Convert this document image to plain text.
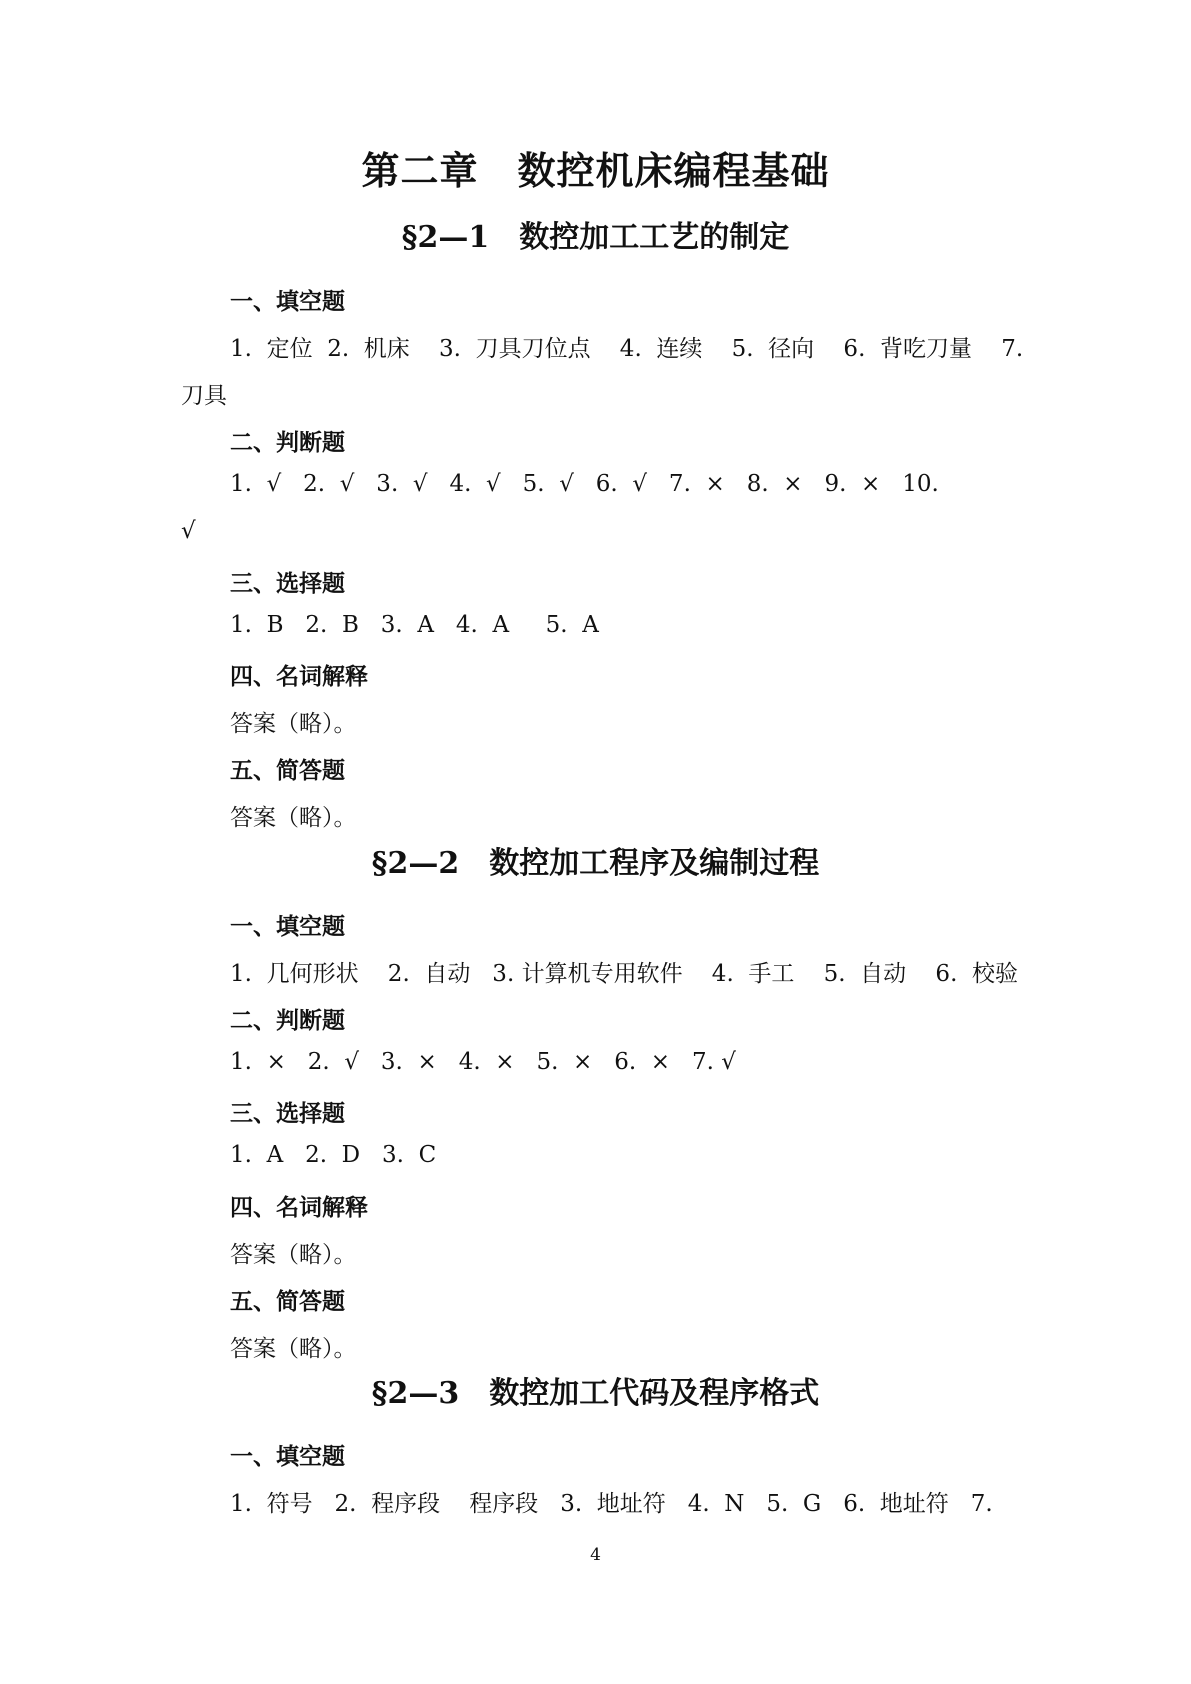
第二章　数控机床编程基础
§2—1　数控加工工艺的制定
一、填空题
1.  定位  2.  机床    3.  刀具刀位点    4.  连续    5.  径向    6.  背吃刀量    7.
刀具
二、判断题
1.  √   2.  √   3.  √   4.  √   5.  √   6.  √   7.  ×   8.  ×   9.  ×   10.
√
三、选择题
1.  B   2.  B   3.  A   4.  A     5.  A
四、名词解释
答案（略）。
五、简答题
答案（略）。
§2—2　数控加工程序及编制过程
一、填空题
1.  几何形状    2.  自动   3. 计算机专用软件    4.  手工    5.  自动    6.  校验
二、判断题
1.  ×   2.  √   3.  ×   4.  ×   5.  ×   6.  ×   7. √
三、选择题
1.  A   2.  D   3.  C
四、名词解释
答案（略）。
五、简答题
答案（略）。
§2—3　数控加工代码及程序格式
一、填空题
1.  符号   2.  程序段    程序段   3.  地址符   4.  N   5.  G   6.  地址符   7.
4
